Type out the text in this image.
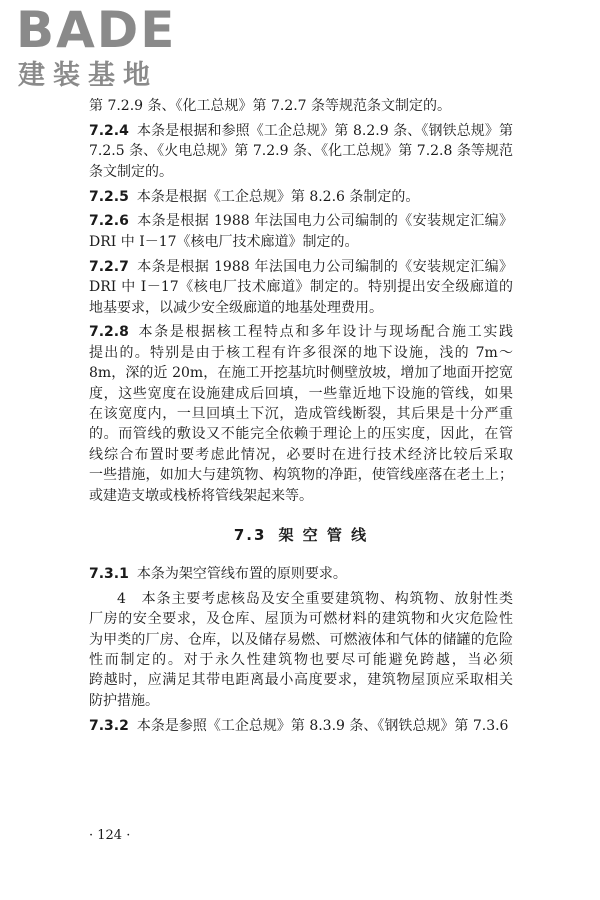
BADE
建装基地
第 7.2.9 条、《化工总规》第 7.2.7 条等规范条文制定的。
7.2.4 本条是根据和参照《工企总规》第 8.2.9 条、《钢铁总规》第
7.2.5 条、《火电总规》第 7.2.9 条、《化工总规》第 7.2.8 条等规范
条文制定的。
7.2.5 本条是根据《工企总规》第 8.2.6 条制定的。
7.2.6 本条是根据 1988 年法国电力公司编制的《安装规定汇编》
DRI 中 Ⅰ－17《核电厂技术廊道》制定的。
7.2.7 本条是根据 1988 年法国电力公司编制的《安装规定汇编》
DRI 中 Ⅰ－17《核电厂技术廊道》制定的。特别提出安全级廊道的
地基要求，以减少安全级廊道的地基处理费用。
7.2.8 本条是根据核工程特点和多年设计与现场配合施工实践
提出的。特别是由于核工程有许多很深的地下设施，浅的 7m～
8m，深的近 20m，在施工开挖基坑时侧壁放坡，增加了地面开挖宽
度，这些宽度在设施建成后回填，一些靠近地下设施的管线，如果
在该宽度内，一旦回填土下沉，造成管线断裂，其后果是十分严重
的。而管线的敷设又不能完全依赖于理论上的压实度，因此，在管
线综合布置时要考虑此情况，必要时在进行技术经济比较后采取
一些措施，如加大与建筑物、构筑物的净距，使管线座落在老土上；
或建造支墩或栈桥将管线架起来等。
7.3 架 空 管 线
7.3.1 本条为架空管线布置的原则要求。
4　本条主要考虑核岛及安全重要建筑物、构筑物、放射性类
厂房的安全要求，及仓库、屋顶为可燃材料的建筑物和火灾危险性
为甲类的厂房、仓库，以及储存易燃、可燃液体和气体的储罐的危险
性而制定的。对于永久性建筑物也要尽可能避免跨越，当必须
跨越时，应满足其带电距离最小高度要求，建筑物屋顶应采取相关
防护措施。
7.3.2 本条是参照《工企总规》第 8.3.9 条、《钢铁总规》第 7.3.6
· 124 ·
